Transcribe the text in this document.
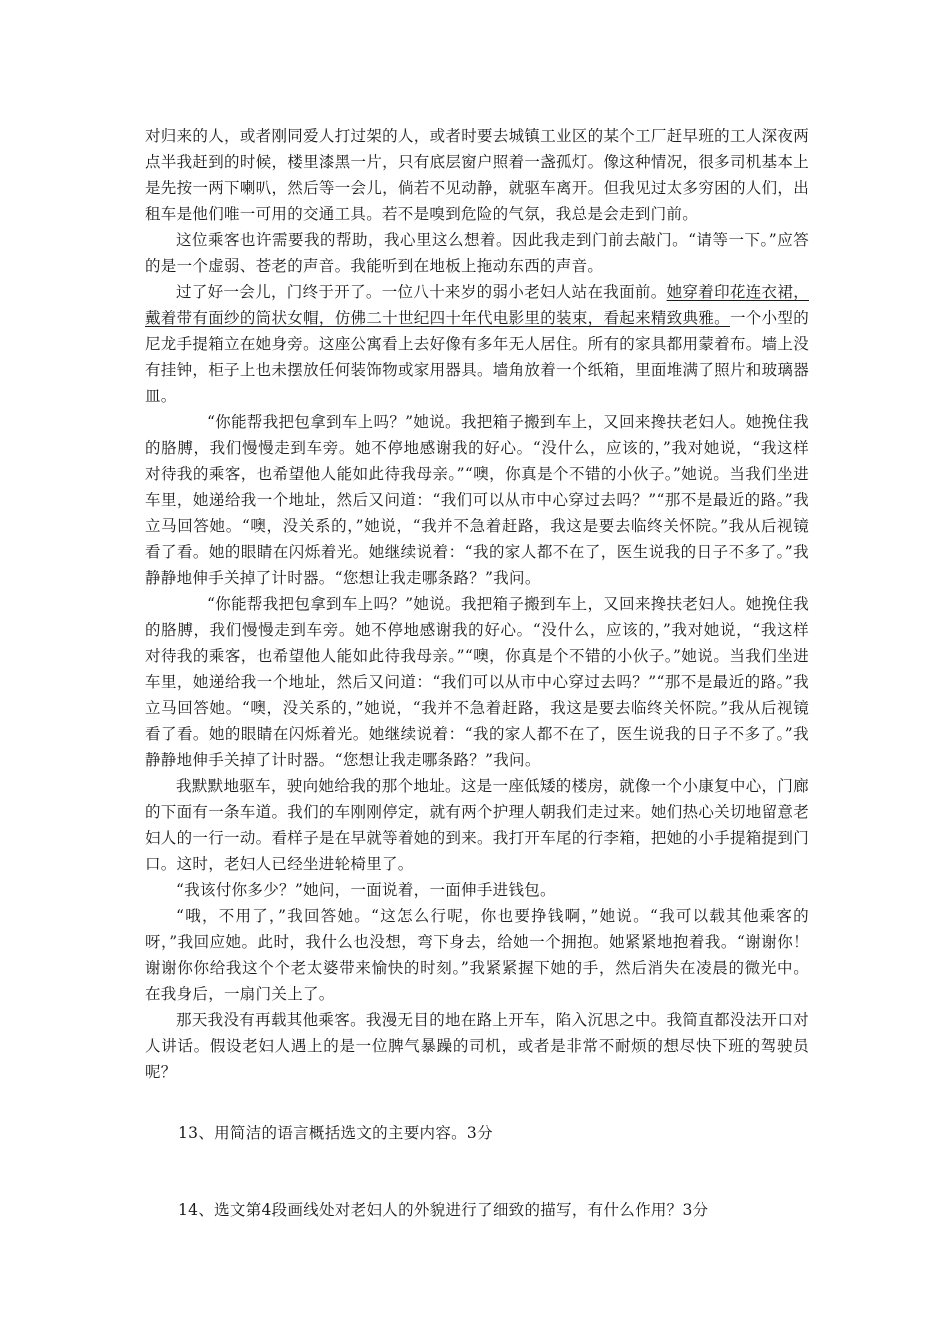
对归来的人，或者刚同爱人打过架的人，或者时要去城镇工业区的某个工厂赶早班的工人深夜两点半我赶到的时候，楼里漆黑一片，只有底层窗户照着一盏孤灯。像这种情况，很多司机基本上是先按一两下喇叭，然后等一会儿，倘若不见动静，就驱车离开。但我见过太多穷困的人们，出租车是他们唯一可用的交通工具。若不是嗅到危险的气氛，我总是会走到门前。

这位乘客也许需要我的帮助，我心里这么想着。因此我走到门前去敲门。“请等一下。”应答的是一个虚弱、苍老的声音。我能听到在地板上拖动东西的声音。

过了好一会儿，门终于开了。一位八十来岁的弱小老妇人站在我面前。她穿着印花连衣裙，戴着带有面纱的筒状女帽，仿佛二十世纪四十年代电影里的装束，看起来精致典雅。一个小型的尼龙手提箱立在她身旁。这座公寓看上去好像有多年无人居住。所有的家具都用蒙着布。墙上没有挂钟，柜子上也未摆放任何装饰物或家用器具。墙角放着一个纸箱，里面堆满了照片和玻璃器皿。

“你能帮我把包拿到车上吗？”她说。我把箱子搬到车上，又回来搀扶老妇人。她挽住我的胳膊，我们慢慢走到车旁。她不停地感谢我的好心。“没什么，应该的，”我对她说，“我这样对待我的乘客，也希望他人能如此待我母亲。”“噢，你真是个不错的小伙子。”她说。当我们坐进车里，她递给我一个地址，然后又问道：“我们可以从市中心穿过去吗？”“那不是最近的路。”我立马回答她。“噢，没关系的，”她说，“我并不急着赶路，我这是要去临终关怀院。”我从后视镜看了看。她的眼睛在闪烁着光。她继续说着：“我的家人都不在了，医生说我的日子不多了。”我静静地伸手关掉了计时器。“您想让我走哪条路？”我问。

“你能帮我把包拿到车上吗？”她说。我把箱子搬到车上，又回来搀扶老妇人。她挽住我的胳膊，我们慢慢走到车旁。她不停地感谢我的好心。“没什么，应该的，”我对她说，“我这样对待我的乘客，也希望他人能如此待我母亲。”“噢，你真是个不错的小伙子。”她说。当我们坐进车里，她递给我一个地址，然后又问道：“我们可以从市中心穿过去吗？”“那不是最近的路。”我立马回答她。“噢，没关系的，”她说，“我并不急着赶路，我这是要去临终关怀院。”我从后视镜看了看。她的眼睛在闪烁着光。她继续说着：“我的家人都不在了，医生说我的日子不多了。”我静静地伸手关掉了计时器。“您想让我走哪条路？”我问。

我默默地驱车，驶向她给我的那个地址。这是一座低矮的楼房，就像一个小康复中心，门廊的下面有一条车道。我们的车刚刚停定，就有两个护理人朝我们走过来。她们热心关切地留意老妇人的一行一动。看样子是在早就等着她的到来。我打开车尾的行李箱，把她的小手提箱提到门口。这时，老妇人已经坐进轮椅里了。

“我该付你多少？”她问，一面说着，一面伸手进钱包。

“哦，不用了，”我回答她。“这怎么行呢，你也要挣钱啊，”她说。“我可以载其他乘客的呀，”我回应她。此时，我什么也没想，弯下身去，给她一个拥抱。她紧紧地抱着我。“谢谢你！谢谢你你给我这个个老太婆带来愉快的时刻。”我紧紧握下她的手，然后消失在凌晨的微光中。在我身后，一扇门关上了。

那天我没有再载其他乘客。我漫无目的地在路上开车，陷入沉思之中。我简直都没法开口对人讲话。假设老妇人遇上的是一位脾气暴躁的司机，或者是非常不耐烦的想尽快下班的驾驶员呢？

13、用简洁的语言概括选文的主要内容。3分
14、选文第4段画线处对老妇人的外貌进行了细致的描写，有什么作用？3分
